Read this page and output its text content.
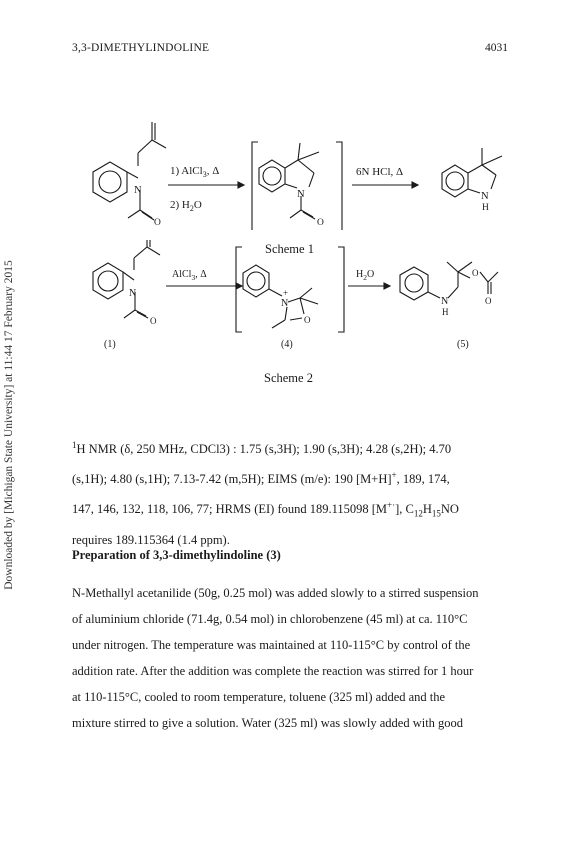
3,3-DIMETHYLINDOLINE	4031
Downloaded by [Michigan State University] at 11:44 17 February 2015
N
O
N
O
N
H
1) AlCl$_3$, Δ
2) $H_2O$
6N HCl, Δ
Scheme 1
N
O
N
+
O
N
H
O
O
AlCl$_3$, Δ	$H_2O$
(1)	(4)	(5)
Scheme 2
$^1$H NMR (δ, 250 MHz, CDCl3) : 1.75 (s,3H); 1.90 (s,3H); 4.28 (s,2H); 4.70
(s,1H); 4.80 (s,1H); 7.13-7.42 (m,5H); EIMS (m/e): 190 [M+H]+, 189, 174,
147, 146, 132, 118, 106, 77; HRMS (EI) found 189.115098 [M+·], $C_{12}H_{15}NO$
requires 189.115364 (1.4 ppm).
Preparation of 3,3-dimethylindoline (3)
N-Methallyl acetanilide (50g, 0.25 mol) was added slowly to a stirred suspension
of aluminium chloride (71.4g, 0.54 mol) in chlorobenzene (45 ml) at ca. 110°C
under nitrogen. The temperature was maintained at 110-115°C by control of the
addition rate. After the addition was complete the reaction was stirred for 1 hour
at 110-115°C, cooled to room temperature, toluene (325 ml) added and the
mixture stirred to give a solution. Water (325 ml) was slowly added with good
